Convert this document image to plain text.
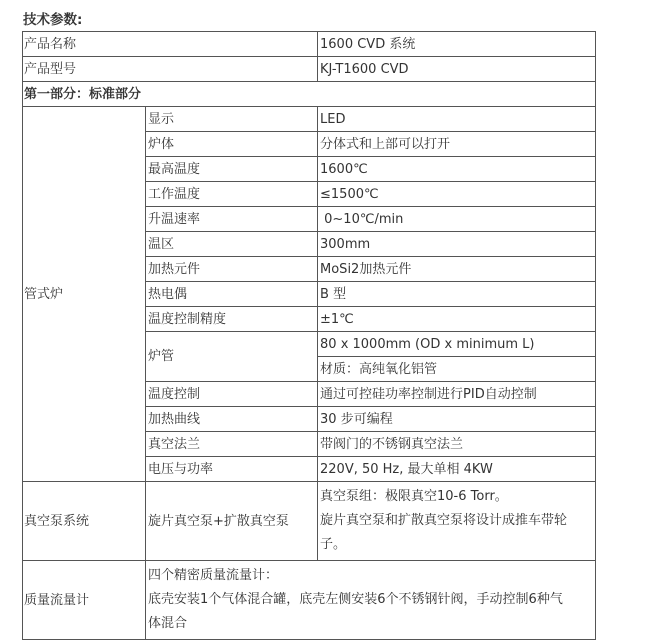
技术参数:
产品名称		1600 CVD 系统
产品型号		KJ-T1600 CVD
第一部分：标准部分		
管式炉	显示	LED
	炉体	分体式和上部可以打开
	最高温度	1600℃
	工作温度	≤1500℃
	升温速率	0~10℃/min
	温区	300mm
	加热元件	MoSi2加热元件
	热电偶	B 型
	温度控制精度	±1℃
	炉管	80 x 1000mm (OD x minimum L)
		材质：高纯氧化铝管
	温度控制	通过可控硅功率控制进行PID自动控制
	加热曲线	30 步可编程
	真空法兰	带阀门的不锈钢真空法兰
	电压与功率	220V, 50 Hz, 最大单相 4KW
真空泵系统	旋片真空泵+扩散真空泵	真空泵组：极限真空10-6 Torr。
旋片真空泵和扩散真空泵将设计成推车带轮
子。

质量流量计	四个精密质量流量计：
底壳安装1个气体混合罐，底壳左侧安装6个不锈钢针阀，手动控制6种气
体混合	
